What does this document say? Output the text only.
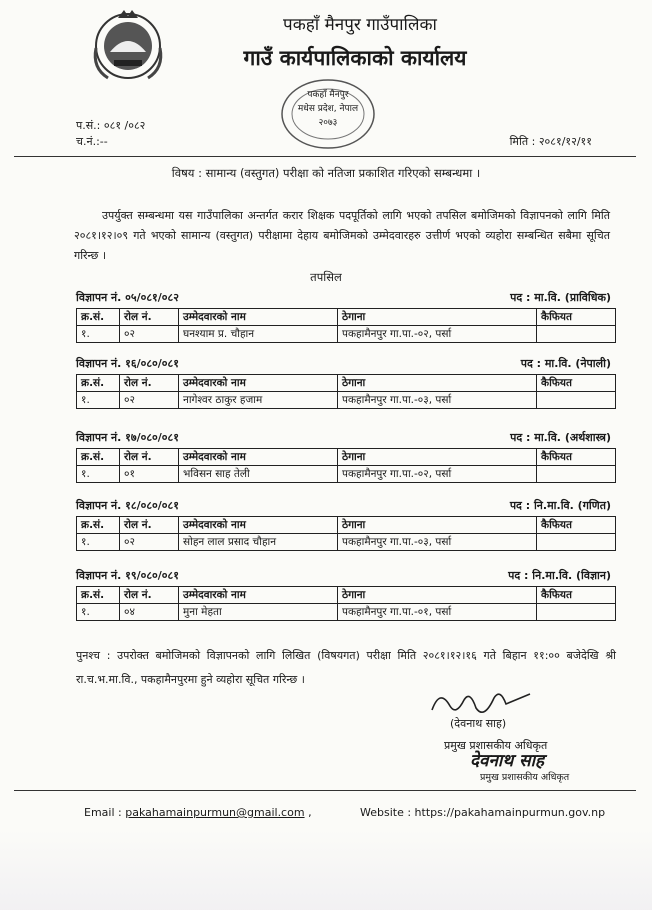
पकहाँ मैनपुर गाउँपालिका
गाउँ कार्यपालिकाको कार्यालय
पकहाँ मैनपुर
मधेस प्रदेश, नेपाल
२०७३
प.सं.: ०८१ /०८२
च.नं.:--	मिति : २०८१/१२/११
विषय : सामान्य (वस्तुगत) परीक्षा को नतिजा प्रकाशित गरिएको सम्बन्धमा ।

उपर्युक्त सम्बन्धमा यस गाउँपालिका अन्तर्गत करार शिक्षक पदपूर्तिको लागि भएको तपसिल बमोजिमको विज्ञापनको लागि मिति २०८१।१२।०९ गते भएको सामान्य (वस्तुगत) परीक्षामा देहाय बमोजिमको उम्मेदवारहरु उत्तीर्ण भएको व्यहोरा सम्बन्धित सबैमा सूचित गरिन्छ ।

तपसिल
विज्ञापन नं. ०५/०८१/०८२	पद : मा.वि. (प्राविधिक)
क्र.सं.	रोल नं.	उम्मेदवारको नाम	ठेगाना	कैफियत
१.	०२	घनश्याम प्र. चौहान	पकहामैनपुर गा.पा.-०२, पर्सा	
विज्ञापन नं. १६/०८०/०८१	पद : मा.वि. (नेपाली)
क्र.सं.	रोल नं.	उम्मेदवारको नाम	ठेगाना	कैफियत
१.	०२	नागेश्वर ठाकुर हजाम	पकहामैनपुर गा.पा.-०३, पर्सा	
विज्ञापन नं. १७/०८०/०८१	पद : मा.वि. (अर्थशास्त्र)
क्र.सं.	रोल नं.	उम्मेदवारको नाम	ठेगाना	कैफियत
१.	०१	भविसन साह तेली	पकहामैनपुर गा.पा.-०२, पर्सा	
विज्ञापन नं. १८/०८०/०८१	पद : नि.मा.वि. (गणित)
क्र.सं.	रोल नं.	उम्मेदवारको नाम	ठेगाना	कैफियत
१.	०२	सोहन लाल प्रसाद चौहान	पकहामैनपुर गा.पा.-०३, पर्सा	
विज्ञापन नं. १९/०८०/०८१	पद : नि.मा.वि. (विज्ञान)
क्र.सं.	रोल नं.	उम्मेदवारको नाम	ठेगाना	कैफियत
१.	०४	मुना मेहता	पकहामैनपुर गा.पा.-०१, पर्सा	
पुनश्च : उपरोक्त बमोजिमको विज्ञापनको लागि लिखित (विषयगत) परीक्षा मिति २०८१।१२।१६ गते बिहान ११:०० बजेदेखि श्री रा.च.भ.मा.वि., पकहामैनपुरमा हुने व्यहोरा सूचित गरिन्छ ।
(देवनाथ साह)
प्रमुख प्रशासकीय अधिकृत
देवनाथ साह
प्रमुख प्रशासकीय अधिकृत
Email : pakahamainpurmun@gmail.com ,	Website : https://pakahamainpurmun.gov.np
